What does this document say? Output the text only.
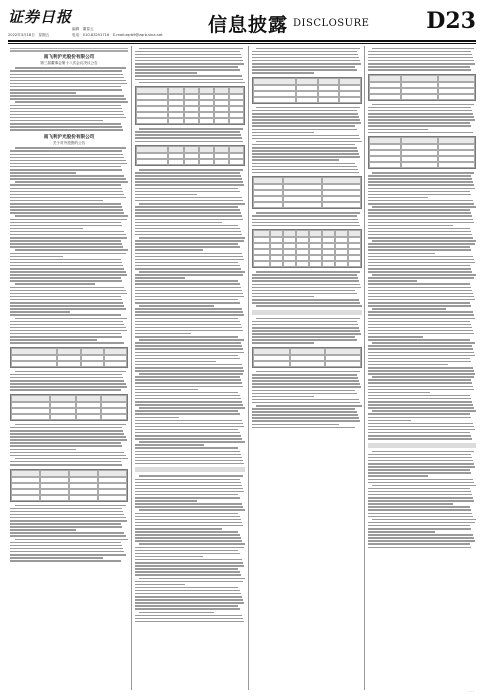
证券日报
2022年3月18日　星期五
编辑　董春云
电话：010-83251716　E-mail:zqrb9@zqrb.sina.net 信息披露 DISCLOSURE	D23
南飞利沪光股份有限公司
第三届董事会第十八次会议决议公告
南飞利沪光股份有限公司
关于对外投资的公告
· · ·
